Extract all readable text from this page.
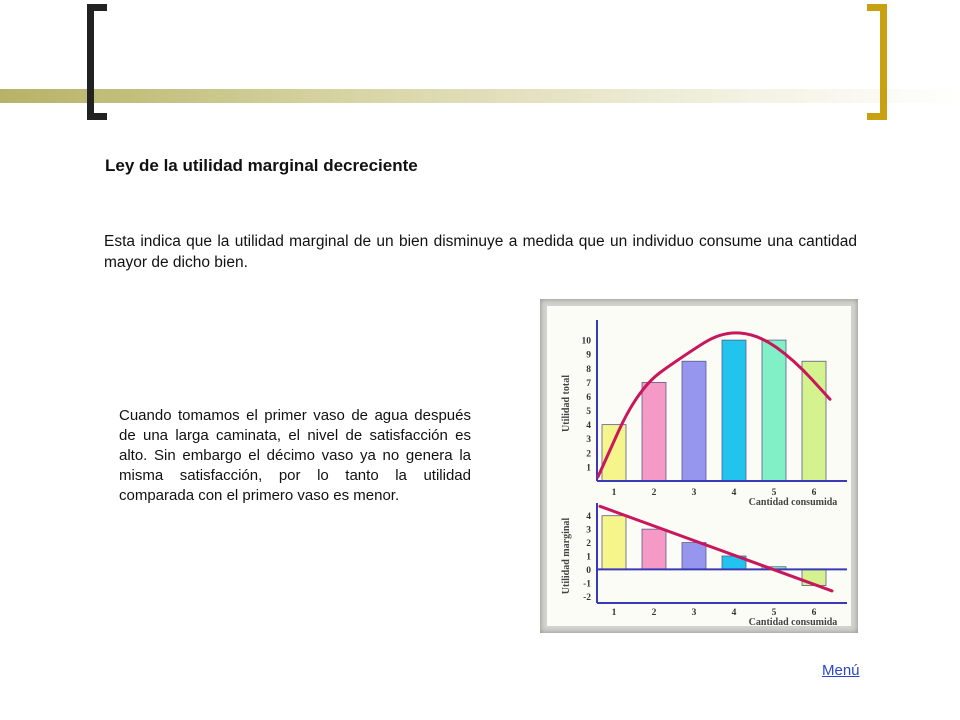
Ley de la utilidad marginal decreciente

Esta indica que la utilidad marginal de un bien disminuye a medida que un individuo consume una cantidad mayor de dicho bien.

Cuando tomamos el primer vaso de agua después de una larga caminata, el nivel de satisfacción es alto. Sin embargo el décimo vaso ya no genera la misma satisfacción, por lo tanto la utilidad comparada con el primero vaso es menor.

1
2
3
4
5
6
7
8
9
10
1	2	3	4	5	6
Cantidad consumida
Utilidad total
4
3
2
1
0
-1
-2
1	2	3	4	5	6
Cantidad consumida
Utilidad marginal
Menú
